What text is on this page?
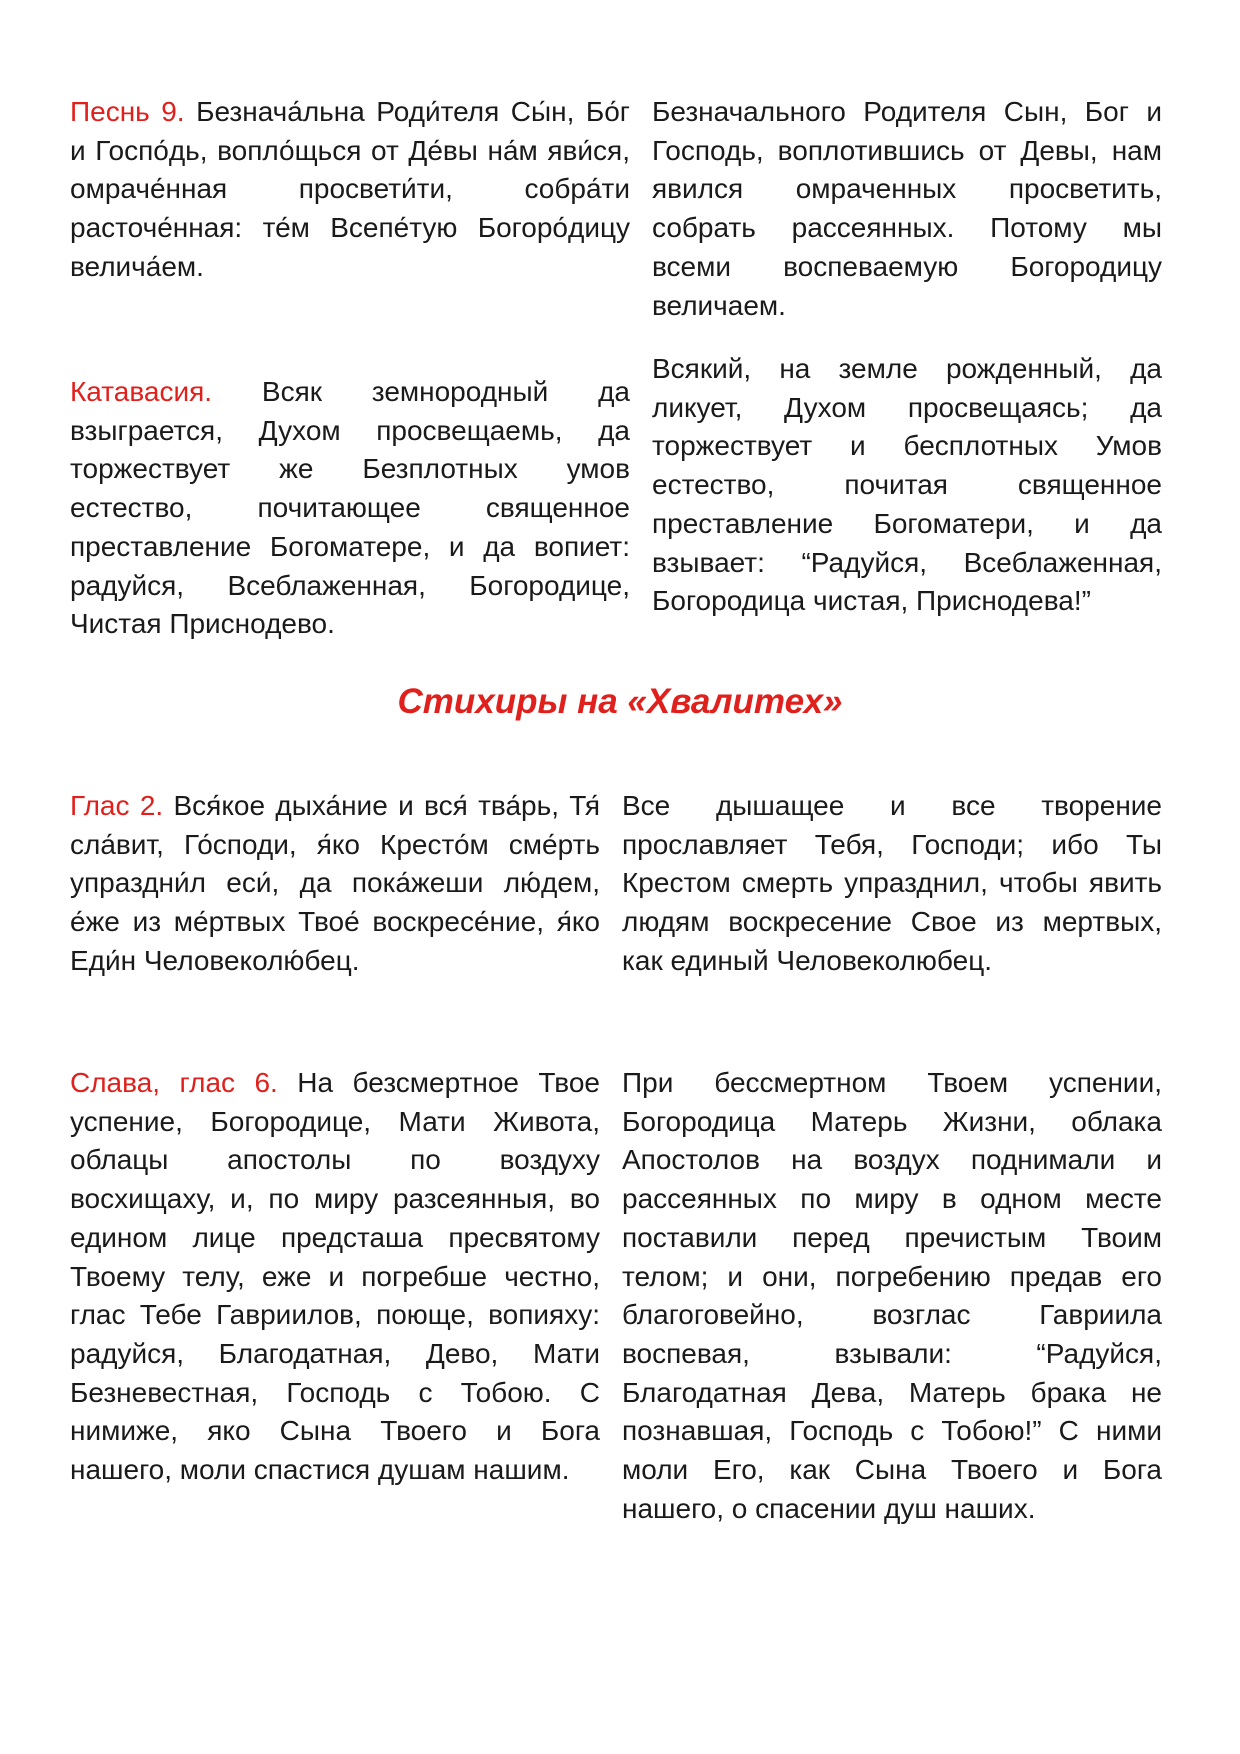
Песнь 9. Безнача́льна Роди́теля Сы́н, Бо́г и Госпо́дь, вопло́щься от Де́вы на́м яви́ся, омраче́нная просвети́ти, собра́ти расточе́нная: те́м Всепе́тую Богоро́дицу велича́ем.

Безначального Родителя Сын, Бог и Господь, воплотившись от Девы, нам явился омраченных просветить, собрать рассеянных. Потому мы всеми воспеваемую Богородицу величаем.

Катавасия. Всяк земнородный да взыграется, Духом просвещаемь, да торжествует же Безплотных умов естество, почитающее священное преставление Богоматере, и да вопиет: радуйся, Всеблаженная, Богородице, Чистая Приснодево.

Всякий, на земле рожденный, да ликует, Духом просвещаясь; да торжествует и бесплотных Умов естество, почитая священное преставление Богоматери, и да взывает: “Радуйся, Всеблаженная, Богородица чистая, Приснодева!”

Стихиры на «Хвалитех»

Глас 2. Вся́кое дыха́ние и вся́ тва́рь, Тя́ сла́вит, Го́споди, я́ко Кресто́м сме́рть упраздни́л еси́, да пока́жеши лю́дем, е́же из ме́ртвых Твое́ воскресе́ние, я́ко Еди́н Человеколю́бец.

Все дышащее и все творение прославляет Тебя, Господи; ибо Ты Крестом смерть упразднил, чтобы явить людям воскресение Свое из мертвых, как единый Человеколюбец.

Слава, глас 6. На безсмертное Твое успение, Богородице, Мати Живота, облацы апостолы по воздуху восхищаху, и, по миру разсеянныя, во едином лице предсташа пресвятому Твоему телу, еже и погребше честно, глас Тебе Гавриилов, поюще, вопияху: радуйся, Благодатная, Дево, Мати Безневестная, Господь с Тобою. С нимиже, яко Сына Твоего и Бога нашего, моли спастися душам нашим.

При бессмертном Твоем успении, Богородица Матерь Жизни, облака Апостолов на воздух поднимали и рассеянных по миру в одном месте поставили перед пречистым Твоим телом; и они, погребению предав его благоговейно, возглас Гавриила воспевая, взывали: “Радуйся, Благодатная Дева, Матерь брака не познавшая, Господь с Тобою!” С ними моли Его, как Сына Твоего и Бога нашего, о спасении душ наших.
